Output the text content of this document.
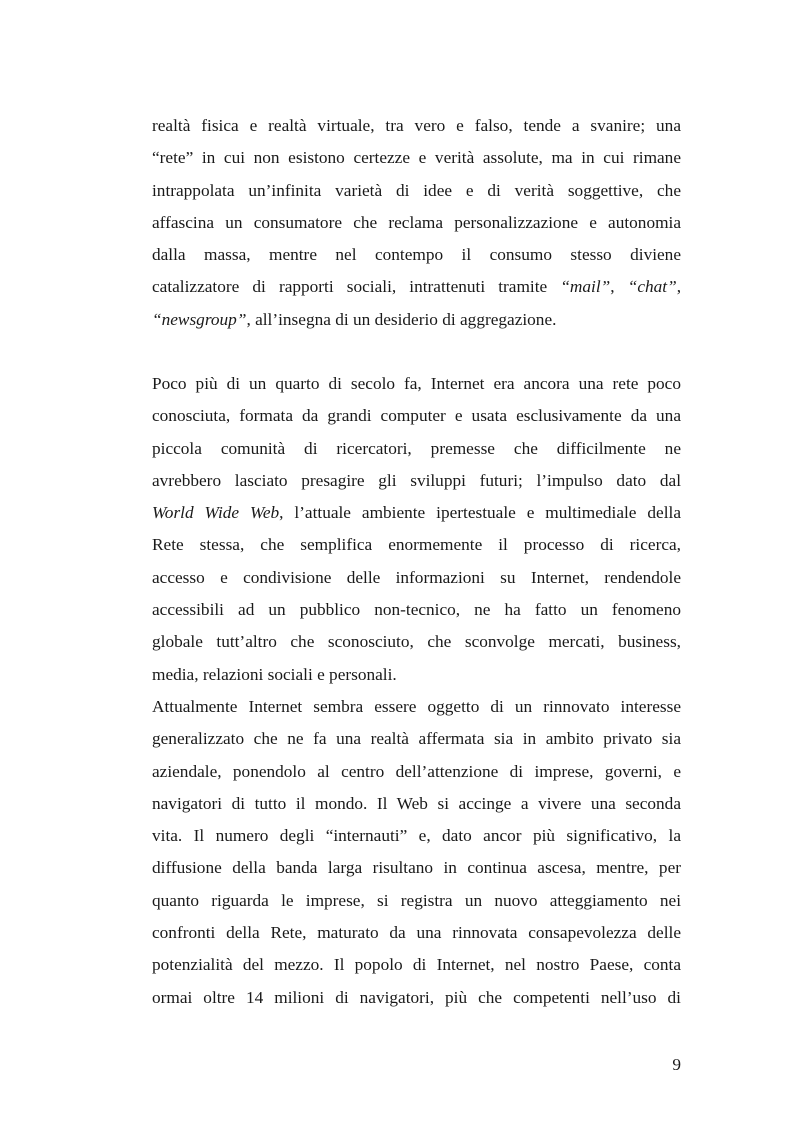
realtà fisica e realtà virtuale, tra vero e falso, tende a svanire; una
“rete” in cui non esistono certezze e verità assolute, ma in cui rimane
intrappolata un’infinita varietà di idee e di verità soggettive, che
affascina un consumatore che reclama personalizzazione e autonomia
dalla massa, mentre nel contempo il consumo stesso diviene
catalizzatore di rapporti sociali, intrattenuti tramite “mail”, “chat”,
“newsgroup”, all’insegna di un desiderio di aggregazione.
Poco più di un quarto di secolo fa, Internet era ancora una rete poco
conosciuta, formata da grandi computer e usata esclusivamente da una
piccola comunità di ricercatori, premesse che difficilmente ne
avrebbero lasciato presagire gli sviluppi futuri; l’impulso dato dal
World Wide Web, l’attuale ambiente ipertestuale e multimediale della
Rete stessa, che semplifica enormemente il processo di ricerca,
accesso e condivisione delle informazioni su Internet, rendendole
accessibili ad un pubblico non-tecnico, ne ha fatto un fenomeno
globale tutt’altro che sconosciuto, che sconvolge mercati, business,
media, relazioni sociali e personali.
Attualmente Internet sembra essere oggetto di un rinnovato interesse
generalizzato che ne fa una realtà affermata sia in ambito privato sia
aziendale, ponendolo al centro dell’attenzione di imprese, governi, e
navigatori di tutto il mondo. Il Web si accinge a vivere una seconda
vita. Il numero degli “internauti” e, dato ancor più significativo, la
diffusione della banda larga risultano in continua ascesa, mentre, per
quanto riguarda le imprese, si registra un nuovo atteggiamento nei
confronti della Rete, maturato da una rinnovata consapevolezza delle
potenzialità del mezzo. Il popolo di Internet, nel nostro Paese, conta
ormai oltre 14 milioni di navigatori, più che competenti nell’uso di
9
